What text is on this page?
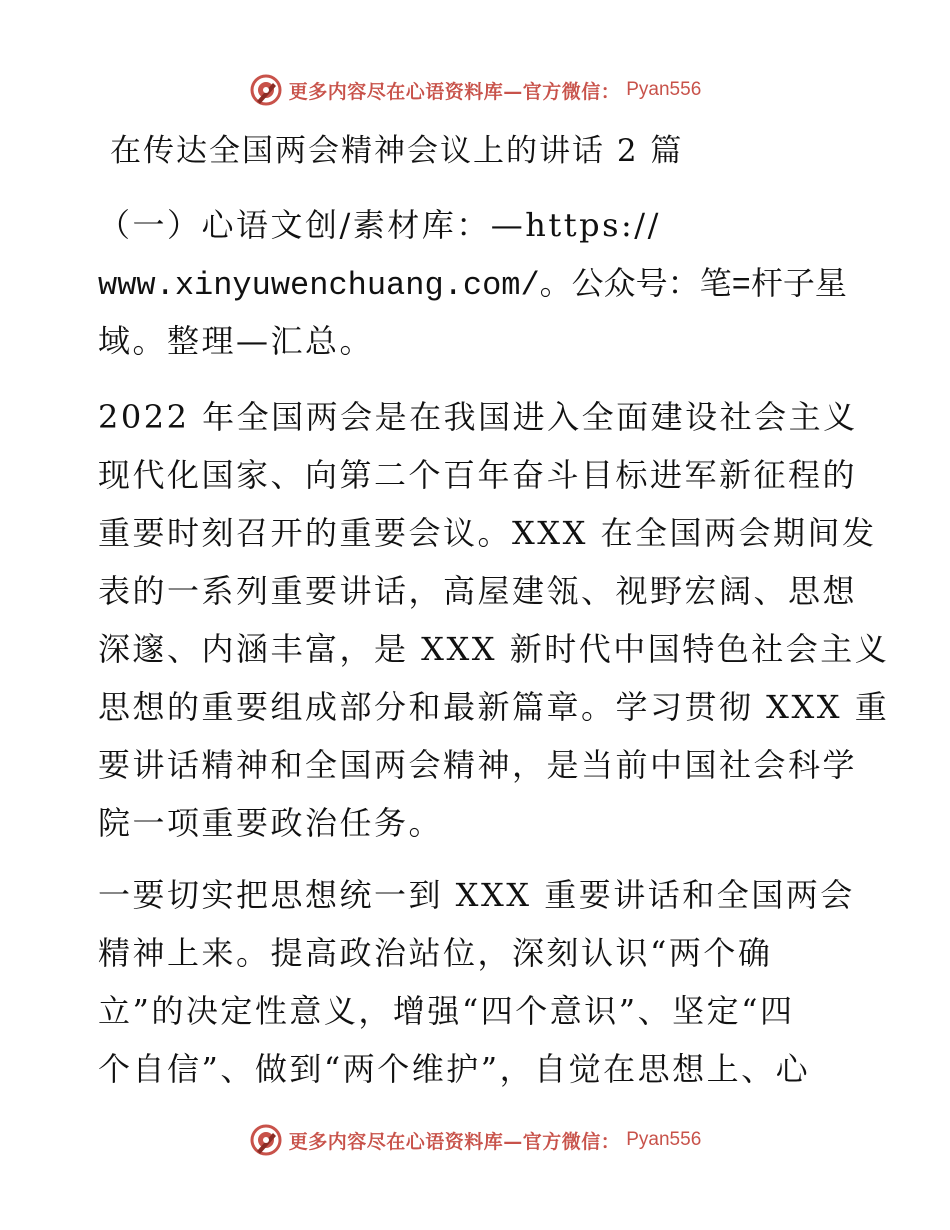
更多内容尽在心语资料库—官方微信： Pyan556
在传达全国两会精神会议上的讲话 2 篇
（一）心语文创/素材库：—https://
www.xinyuwenchuang.com/。公众号：笔=杆子星
域。整理—汇总。
2022 年全国两会是在我国进入全面建设社会主义
现代化国家、向第二个百年奋斗目标进军新征程的
重要时刻召开的重要会议。XXX 在全国两会期间发
表的一系列重要讲话，高屋建瓴、视野宏阔、思想
深邃、内涵丰富，是 XXX 新时代中国特色社会主义
思想的重要组成部分和最新篇章。学习贯彻 XXX 重
要讲话精神和全国两会精神，是当前中国社会科学
院一项重要政治任务。
一要切实把思想统一到 XXX 重要讲话和全国两会
精神上来。提高政治站位，深刻认识“两个确
立”的决定性意义，增强“四个意识”、坚定“四
个自信”、做到“两个维护”，自觉在思想上、心
更多内容尽在心语资料库—官方微信： Pyan556
